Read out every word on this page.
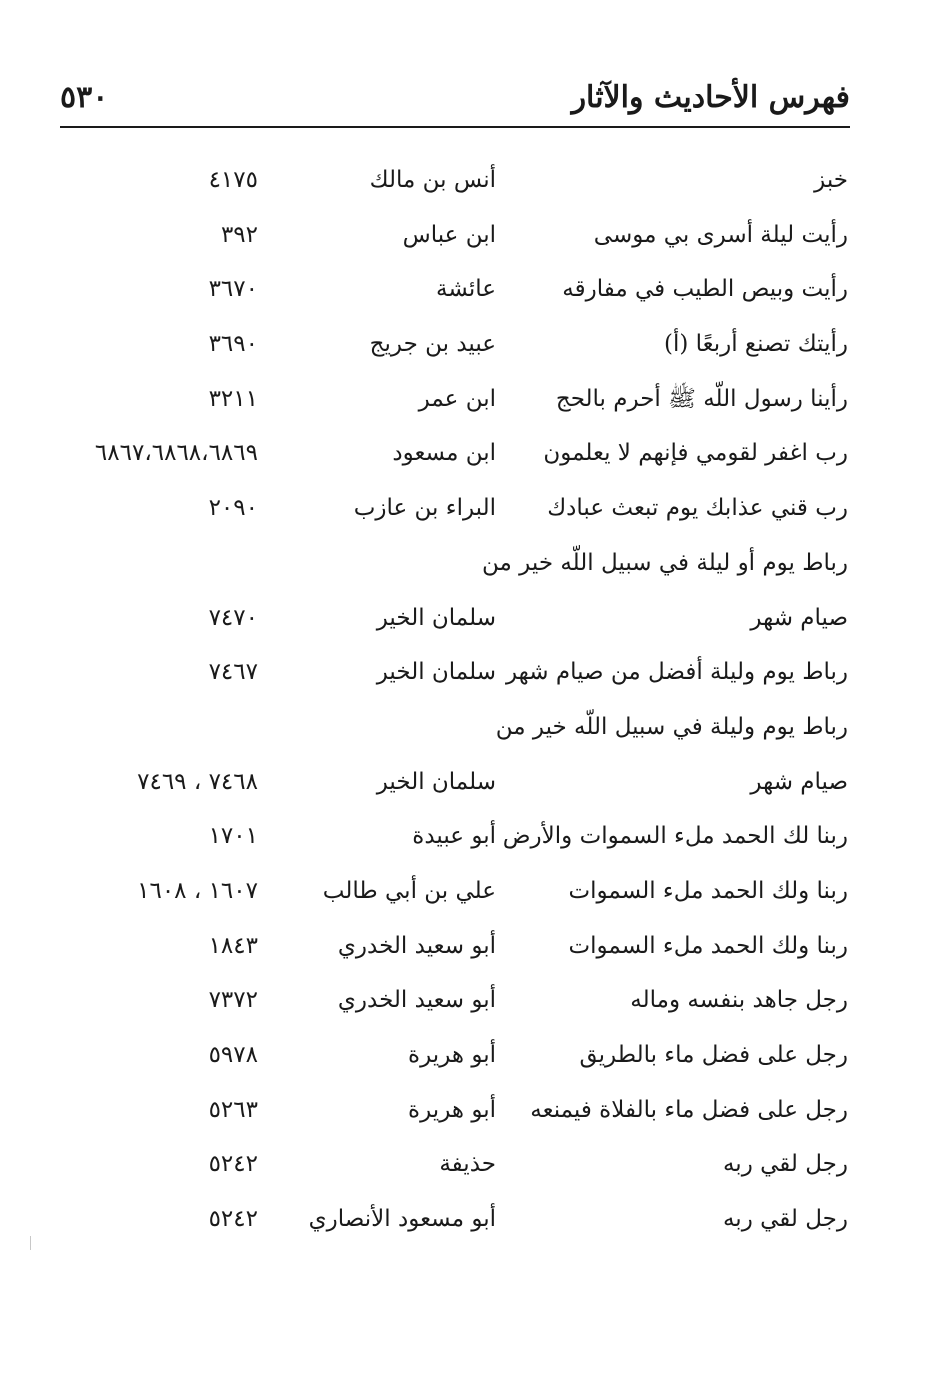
فهرس الأحاديث والآثار
٥٣٠
خبز
أنس بن مالك
٤١٧٥
رأيت ليلة أسرى بي موسى
ابن عباس
٣٩٢
رأيت وبيص الطيب في مفارقه
عائشة
٣٦٧٠
رأيتك تصنع أربعًا (أ)
عبيد بن جريج
٣٦٩٠
رأينا رسول اللّه ﷺ أحرم بالحج
ابن عمر
٣٢١١
رب اغفر لقومي فإنهم لا يعلمون
ابن مسعود
٦٨٦٧،٦٨٦٨،٦٨٦٩
رب قني عذابك يوم تبعث عبادك
البراء بن عازب
٢٠٩٠
رباط يوم أو ليلة في سبيل اللّه خير من
صيام شهر
سلمان الخير
٧٤٧٠
رباط يوم وليلة أفضل من صيام شهر
سلمان الخير
٧٤٦٧
رباط يوم وليلة في سبيل اللّه خير من
صيام شهر
سلمان الخير
٧٤٦٨ ، ٧٤٦٩
ربنا لك الحمد ملء السموات والأرض
أبو عبيدة
١٧٠١
ربنا ولك الحمد ملء السموات
علي بن أبي طالب
١٦٠٧ ، ١٦٠٨
ربنا ولك الحمد ملء السموات
أبو سعيد الخدري
١٨٤٣
رجل جاهد بنفسه وماله
أبو سعيد الخدري
٧٣٧٢
رجل على فضل ماء بالطريق
أبو هريرة
٥٩٧٨
رجل على فضل ماء بالفلاة فيمنعه
أبو هريرة
٥٢٦٣
رجل لقي ربه
حذيفة
٥٢٤٢
رجل لقي ربه
أبو مسعود الأنصاري
٥٢٤٢
